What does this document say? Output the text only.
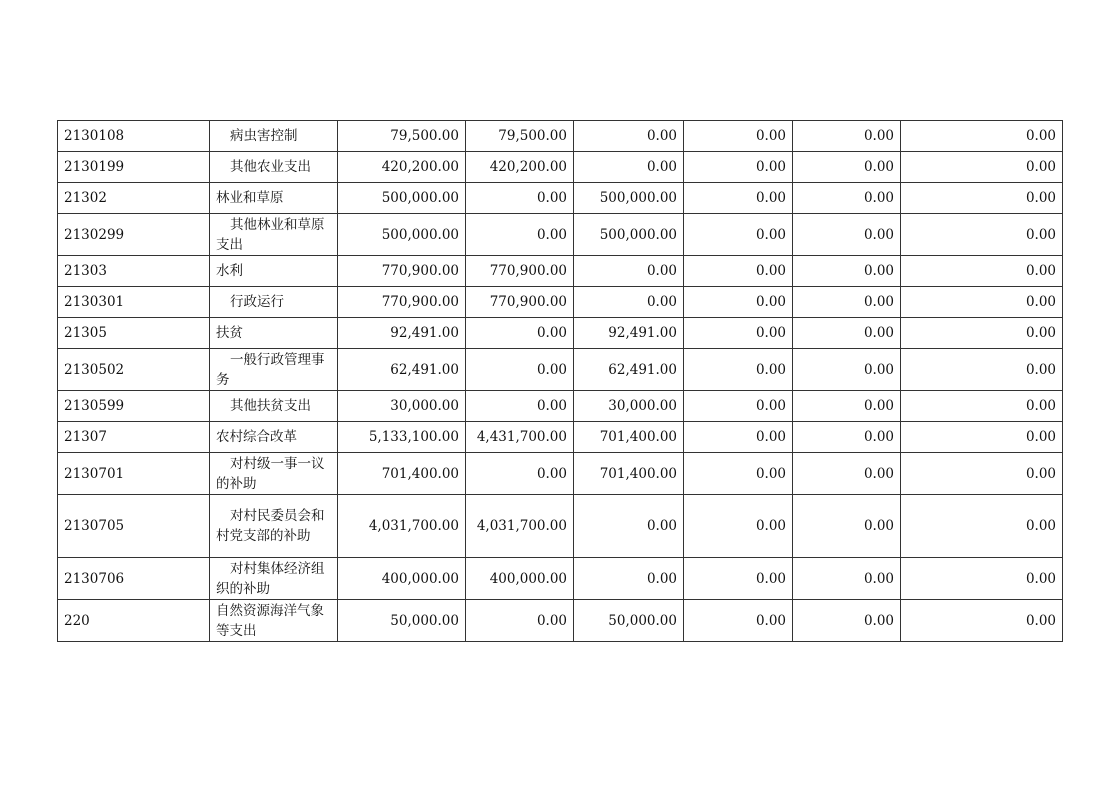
2130108	病虫害控制	79,500.00	79,500.00	0.00	0.00	0.00	0.00
2130199	其他农业支出	420,200.00	420,200.00	0.00	0.00	0.00	0.00
21302	林业和草原	500,000.00	0.00	500,000.00	0.00	0.00	0.00
2130299	其他林业和草原支出	500,000.00	0.00	500,000.00	0.00	0.00	0.00
21303	水利	770,900.00	770,900.00	0.00	0.00	0.00	0.00
2130301	行政运行	770,900.00	770,900.00	0.00	0.00	0.00	0.00
21305	扶贫	92,491.00	0.00	92,491.00	0.00	0.00	0.00
2130502	一般行政管理事务	62,491.00	0.00	62,491.00	0.00	0.00	0.00
2130599	其他扶贫支出	30,000.00	0.00	30,000.00	0.00	0.00	0.00
21307	农村综合改革	5,133,100.00	4,431,700.00	701,400.00	0.00	0.00	0.00
2130701	对村级一事一议的补助	701,400.00	0.00	701,400.00	0.00	0.00	0.00
2130705	对村民委员会和村党支部的补助	4,031,700.00	4,031,700.00	0.00	0.00	0.00	0.00
2130706	对村集体经济组织的补助	400,000.00	400,000.00	0.00	0.00	0.00	0.00
220	自然资源海洋气象等支出	50,000.00	0.00	50,000.00	0.00	0.00	0.00
